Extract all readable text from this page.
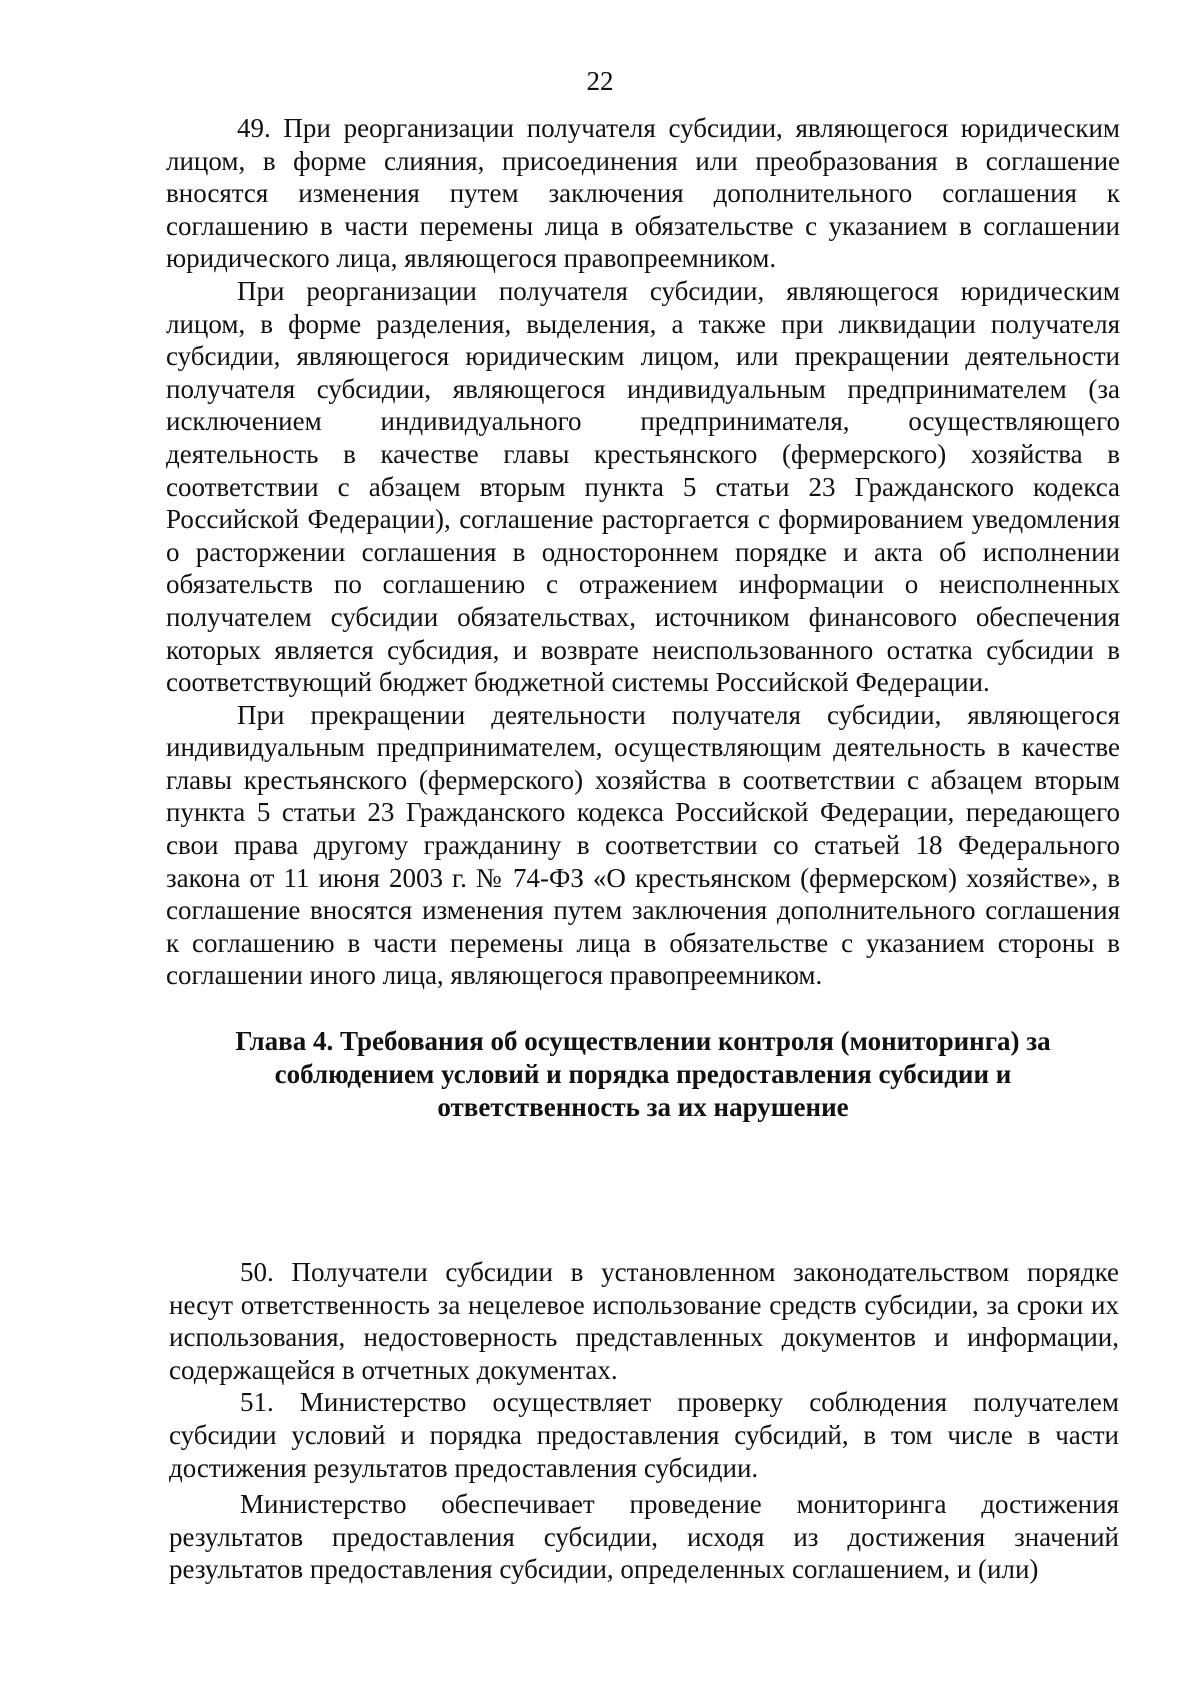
22

49. При реорганизации получателя субсидии, являющегося юридическим лицом, в форме слияния, присоединения или преобразования в соглашение вносятся изменения путем заключения дополнительного соглашения к соглашению в части перемены лица в обязательстве с указанием в соглашении юридического лица, являющегося правопреемником.

При реорганизации получателя субсидии, являющегося юридическим лицом, в форме разделения, выделения, а также при ликвидации получателя субсидии, являющегося юридическим лицом, или прекращении деятельности получателя субсидии, являющегося индивидуальным предпринимателем (за исключением индивидуального предпринимателя, осуществляющего деятельность в качестве главы крестьянского (фермерского) хозяйства в соответствии с абзацем вторым пункта 5 статьи 23 Гражданского кодекса Российской Федерации), соглашение расторгается с формированием уведомления о расторжении соглашения в одностороннем порядке и акта об исполнении обязательств по соглашению с отражением информации о неисполненных получателем субсидии обязательствах, источником финансового обеспечения которых является субсидия, и возврате неиспользованного остатка субсидии в соответствующий бюджет бюджетной системы Российской Федерации.

При прекращении деятельности получателя субсидии, являющегося индивидуальным предпринимателем, осуществляющим деятельность в качестве главы крестьянского (фермерского) хозяйства в соответствии с абзацем вторым пункта 5 статьи 23 Гражданского кодекса Российской Федерации, передающего свои права другому гражданину в соответствии со статьей 18 Федерального закона от 11 июня 2003 г. № 74-ФЗ «О крестьянском (фермерском) хозяйстве», в соглашение вносятся изменения путем заключения дополнительного соглашения к соглашению в части перемены лица в обязательстве с указанием стороны в соглашении иного лица, являющегося правопреемником.

Глава 4. Требования об осуществлении контроля (мониторинга) за соблюдением условий и порядка предоставления субсидии и ответственность за их нарушение

50. Получатели субсидии в установленном законодательством порядке несут ответственность за нецелевое использование средств субсидии, за сроки их использования, недостоверность представленных документов и информации, содержащейся в отчетных документах.

51. Министерство осуществляет проверку соблюдения получателем субсидии условий и порядка предоставления субсидий, в том числе в части достижения результатов предоставления субсидии.

Министерство обеспечивает проведение мониторинга достижения результатов предоставления субсидии, исходя из достижения значений результатов предоставления субсидии, определенных соглашением, и (или)
